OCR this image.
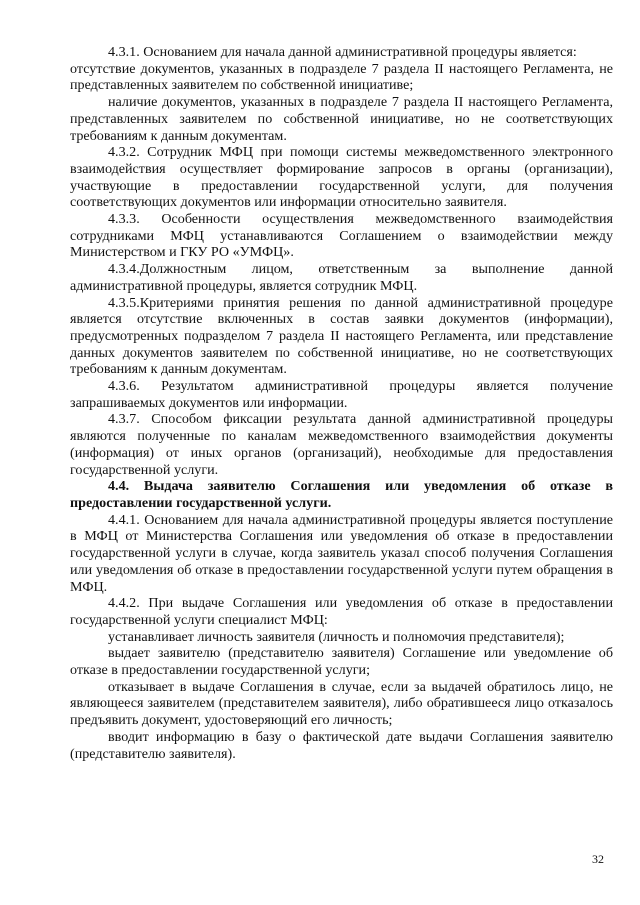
4.3.1. Основанием для начала данной административной процедуры является:

отсутствие документов, указанных в подразделе 7 раздела II настоящего Регламента, не представленных заявителем по собственной инициативе;

наличие документов, указанных в подразделе 7 раздела II настоящего Регламента, представленных заявителем по собственной инициативе, но не соответствующих требованиям к данным документам.

4.3.2. Сотрудник МФЦ при помощи системы межведомственного электронного взаимодействия осуществляет формирование запросов в органы (организации), участвующие в предоставлении государственной услуги, для получения соответствующих документов или информации относительно заявителя.

4.3.3. Особенности осуществления межведомственного взаимодействия сотрудниками МФЦ устанавливаются Соглашением о взаимодействии между Министерством и ГКУ РО «УМФЦ».

4.3.4.Должностным лицом, ответственным за выполнение данной административной процедуры, является сотрудник МФЦ.

4.3.5.Критериями принятия решения по данной административной процедуре является отсутствие включенных в состав заявки документов (информации), предусмотренных подразделом 7 раздела II настоящего Регламента, или представление данных документов заявителем по собственной инициативе, но не соответствующих требованиям к данным документам.

4.3.6. Результатом административной процедуры является получение запрашиваемых документов или информации.

4.3.7. Способом фиксации результата данной административной процедуры являются полученные по каналам межведомственного взаимодействия документы (информация) от иных органов (организаций), необходимые для предоставления государственной услуги.

4.4. Выдача заявителю Соглашения или уведомления об отказе в предоставлении государственной услуги.

4.4.1. Основанием для начала административной процедуры является поступление в МФЦ от Министерства Соглашения или уведомления об отказе в предоставлении государственной услуги в случае, когда заявитель указал способ получения Соглашения или уведомления об отказе в предоставлении государственной услуги путем обращения в МФЦ.

4.4.2. При выдаче Соглашения или уведомления об отказе в предоставлении государственной услуги специалист МФЦ:

устанавливает личность заявителя (личность и полномочия представителя);

выдает заявителю (представителю заявителя) Соглашение или уведомление об отказе в предоставлении государственной услуги;

отказывает в выдаче Соглашения в случае, если за выдачей обратилось лицо, не являющееся заявителем (представителем заявителя), либо обратившееся лицо отказалось предъявить документ, удостоверяющий его личность;

вводит информацию в базу о фактической дате выдачи Соглашения заявителю (представителю заявителя).

32
